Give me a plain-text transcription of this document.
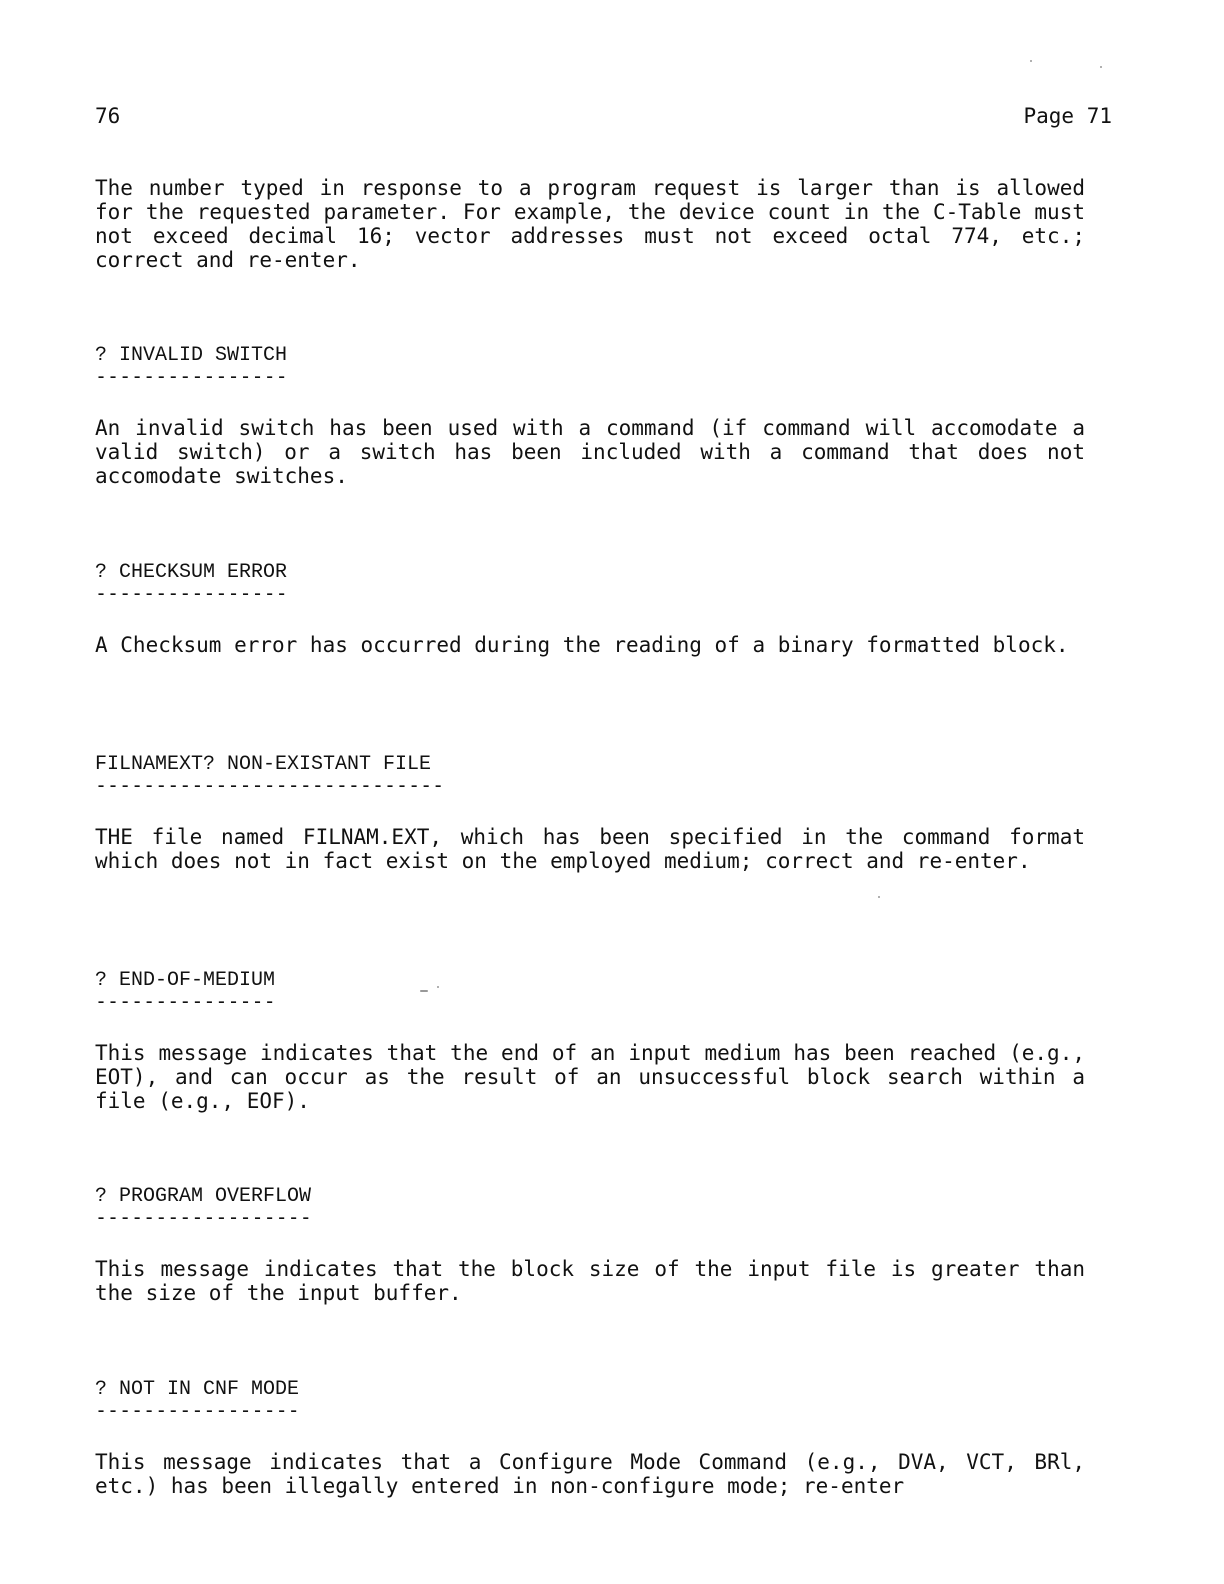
76	Page 71

The number typed in response to a program request is larger than is allowed for the requested parameter. For example, the device count in the C-Table must not exceed decimal 16; vector addresses must not exceed octal 774, etc.; correct and re-enter.

? INVALID SWITCH
----------------

An invalid switch has been used with a command (if command will accomodate a valid switch) or a switch has been included with a command that does not accomodate switches.

? CHECKSUM ERROR
----------------

A Checksum error has occurred during the reading of a binary formatted block.

FILNAMEXT? NON-EXISTANT FILE
-----------------------------

THE file named FILNAM.EXT, which has been specified in the command format which does not in fact exist on the employed medium; correct and re-enter.

? END-OF-MEDIUM
---------------

This message indicates that the end of an input medium has been reached (e.g., EOT), and can occur as the result of an unsuccessful block search within a file (e.g., EOF).

? PROGRAM OVERFLOW
------------------

This message indicates that the block size of the input file is greater than the size of the input buffer.

? NOT IN CNF MODE
-----------------

This message indicates that a Configure Mode Command (e.g., DVA, VCT, BRl, etc.) has been illegally entered in non-configure mode; re-enter
